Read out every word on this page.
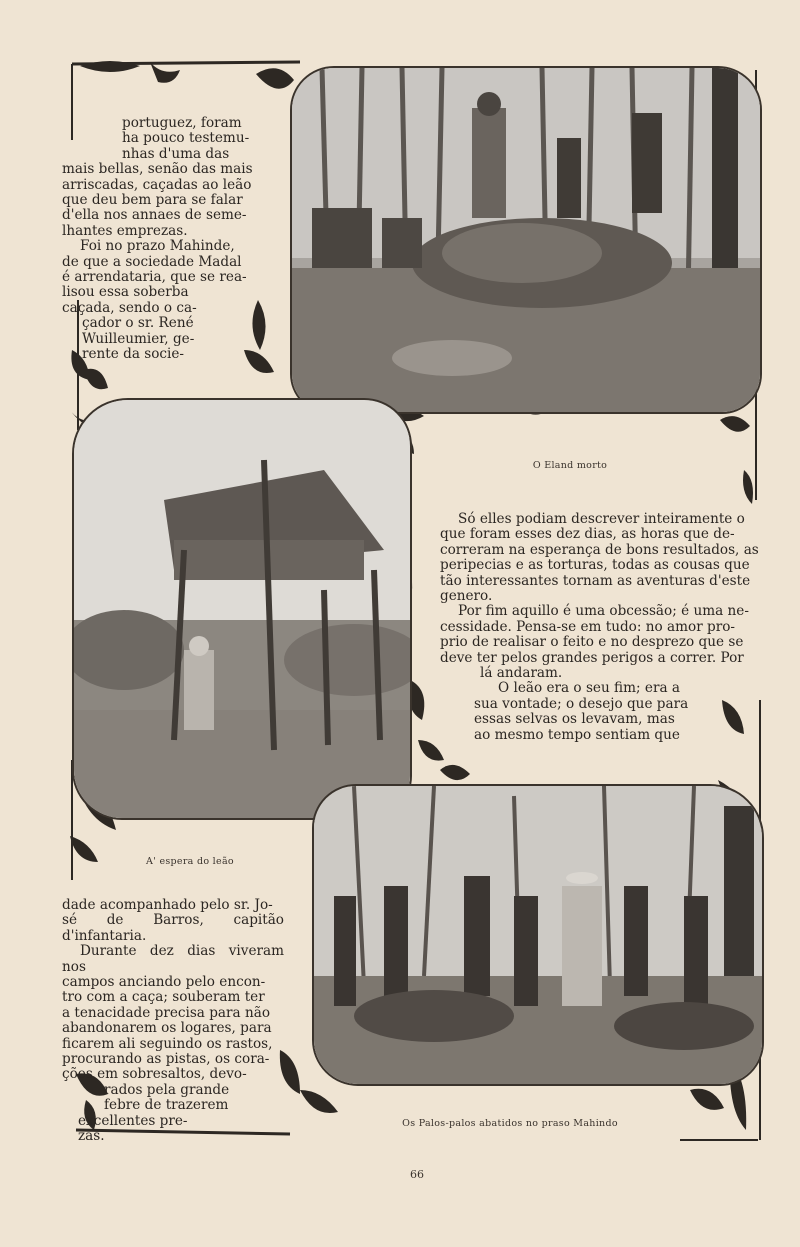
portuguez, foram

ha pouco testemu-

nhas d'uma das

mais bellas, senão das mais

arriscadas, caçadas ao leão

que deu bem para se falar

d'ella nos annaes de seme-

lhantes emprezas.

Foi no prazo Mahinde,

de que a sociedade Madal

é arrendataria, que se rea-

lisou essa soberba

caçada, sendo o ca-

çador o sr. René

Wuilleumier, ge-

rente da socie-

O Eland morto

Só elles podiam descrever inteiramente o

que foram esses dez dias, as horas que de-

correram na esperança de bons resultados, as

peripecias e as torturas, todas as cousas que

tão interessantes tornam as aventuras d'este

genero.

Por fim aquillo é uma obcessão; é uma ne-

cessidade. Pensa-se em tudo: no amor pro-

prio de realisar o feito e no desprezo que se

deve ter pelos grandes perigos a correr. Por

lá andaram.

O leão era o seu fim; era a

sua vontade; o desejo que para

essas selvas os levavam, mas

ao mesmo tempo sentiam que

A' espera do leão

dade acompanhado pelo sr. Jo-

sé de Barros, capitão d'infantaria.

Durante dez dias viveram nos

campos anciando pelo encon-

tro com a caça; souberam ter

a tenacidade precisa para não

abandonarem os logares, para

ficarem ali seguindo os rastos,

procurando as pistas, os cora-

ções em sobresaltos, devo-

rados pela grande

febre de trazerem

excellentes pre-

zas.

Os Palos-palos abatidos no praso Mahindo
66
